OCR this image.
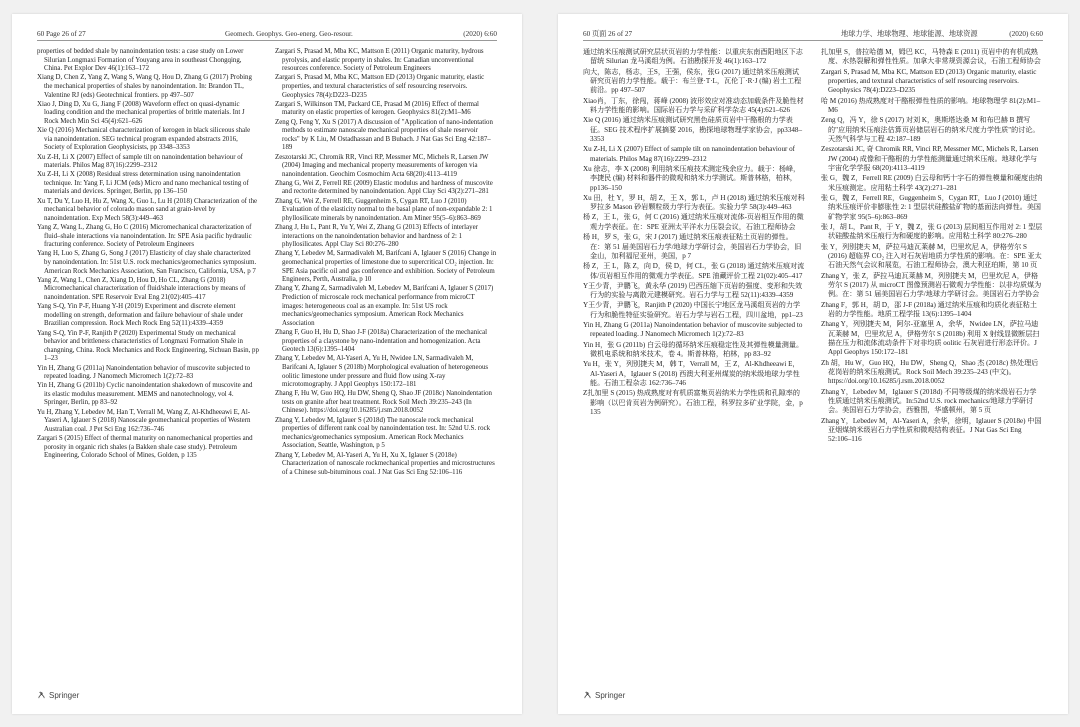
60 Page 26 of 27	Geomech. Geophys. Geo-energ. Geo-resour.	(2020) 6:60

properties of bedded shale by nanoindentation tests: a case study on Lower Silurian Longmaxi Formation of Youyang area in southeast Chongqing, China. Pet Explor Dev 46(1):163–172

Xiang D, Chen Z, Yang Z, Wang S, Wang Q, Hou D, Zhang G (2017) Probing the mechanical properties of shales by nanoindentation. In: Brandon TL, Valentine RJ (eds) Geotechnical frontiers. pp 497–507

Xiao J, Ding D, Xu G, Jiang F (2008) Waveform effect on quasi-dynamic loading condition and the mechanical properties of brittle materials. Int J Rock Mech Min Sci 45(4):621–626

Xie Q (2016) Mechanical characterization of kerogen in black siliceous shale via nanoindentation. SEG technical program expanded abstracts 2016, Society of Exploration Geophysicists, pp 3348–3353

Xu Z-H, Li X (2007) Effect of sample tilt on nanoindentation behaviour of materials. Philos Mag 87(16):2299–2312

Xu Z-H, Li X (2008) Residual stress determination using nanoindentation technique. In: Yang F, Li JCM (eds) Micro and nano mechanical testing of materials and devices. Springer, Berlin, pp 136–150

Xu T, Du Y, Luo H, Hu Z, Wang X, Guo L, Lu H (2018) Characterization of the mechanical behavior of colorado mason sand at grain-level by nanoindentation. Exp Mech 58(3):449–463

Yang Z, Wang L, Zhang G, Ho C (2016) Micromechanical characterization of fluid–shale interactions via nanoindentation. In: SPE Asia pacific hydraulic fracturing conference. Society of Petroleum Engineers

Yang H, Luo S, Zhang G, Song J (2017) Elasticity of clay shale characterized by nanoindentation. In: 51st U.S. rock mechanics/geomechanics symposium. American Rock Mechanics Association, San Francisco, California, USA, p 7

Yang Z, Wang L, Chen Z, Xiang D, Hou D, Ho CL, Zhang G (2018) Micromechanical characterization of fluid/shale interactions by means of nanoindentation. SPE Reservoir Eval Eng 21(02):405–417

Yang S-Q, Yin P-F, Huang Y-H (2019) Experiment and discrete element modelling on strength, deformation and failure behaviour of shale under Brazilian compression. Rock Mech Rock Eng 52(11):4339–4359

Yang S-Q, Yin P-F, Ranjith P (2020) Experimental Study on mechanical behavior and brittleness characteristics of Longmaxi Formation Shale in changning, China. Rock Mechanics and Rock Engineering, Sichuan Basin, pp 1–23

Yin H, Zhang G (2011a) Nanoindentation behavior of muscovite subjected to repeated loading. J Nanomech Micromech 1(2):72–83

Yin H, Zhang G (2011b) Cyclic nanoindentation shakedown of muscovite and its elastic modulus measurement. MEMS and nanotechnology, vol 4. Springer, Berlin, pp 83–92

Yu H, Zhang Y, Lebedev M, Han T, Verrall M, Wang Z, Al-Khdheeawi E, Al-Yaseri A, Iglauer S (2018) Nanoscale geomechanical properties of Western Australian coal. J Pet Sci Eng 162:736–746

Zargari S (2015) Effect of thermal maturity on nanomechanical properties and porosity in organic rich shales (a Bakken shale case study). Petroleum Engineering, Colorado School of Mines, Golden, p 135

Zargari S, Prasad M, Mba KC, Mattson E (2011) Organic maturity, hydrous pyrolysis, and elastic property in shales. In: Canadian unconventional resources conference. Society of Petroleum Engineers

Zargari S, Prasad M, Mba KC, Mattson ED (2013) Organic maturity, elastic properties, and textural characteristics of self resourcing reservoirs. Geophysics 78(4):D223–D235

Zargari S, Wilkinson TM, Packard CE, Prasad M (2016) Effect of thermal maturity on elastic properties of kerogen. Geophysics 81(2):M1–M6

Zeng Q, Feng Y, Xu S (2017) A discussion of "Application of nano-indentation methods to estimate nanoscale mechanical properties of shale reservoir rocks" by K Liu, M Ostadhassan and B Bubach. J Nat Gas Sci Eng 42:187–189

Zeszotarski JC, Chromik RR, Vinci RP, Messmer MC, Michels R, Larsen JW (2004) Imaging and mechanical property measurements of kerogen via nanoindentation. Geochim Cosmochim Acta 68(20):4113–4119

Zhang G, Wei Z, Ferrell RE (2009) Elastic modulus and hardness of muscovite and rectorite determined by nanoindentation. Appl Clay Sci 43(2):271–281

Zhang G, Wei Z, Ferrell RE, Guggenheim S, Cygan RT, Luo J (2010) Evaluation of the elasticity normal to the basal plane of non-expandable 2: 1 phyllosilicate minerals by nanoindentation. Am Miner 95(5–6):863–869

Zhang J, Hu L, Pant R, Yu Y, Wei Z, Zhang G (2013) Effects of interlayer interactions on the nanoindentation behavior and hardness of 2: 1 phyllosilicates. Appl Clay Sci 80:276–280

Zhang Y, Lebedev M, Sarmadivaleh M, Barifcani A, Iglauer S (2016) Change in geomechanical properties of limestone due to supercritical CO₂ injection. In: SPE Asia pacific oil and gas conference and exhibition. Society of Petroleum Engineers, Perth, Australia, p 10

Zhang Y, Zhang Z, Sarmadivaleh M, Lebedev M, Barifcani A, Iglauer S (2017) Prediction of microscale rock mechanical performance from microCT images: heterogeneous coal as an example. In: 51st US rock mechanics/geomechanics symposium. American Rock Mechanics Association

Zhang F, Guo H, Hu D, Shao J-F (2018a) Characterization of the mechanical properties of a claystone by nano-indentation and homogenization. Acta Geotech 13(6):1395–1404

Zhang Y, Lebedev M, Al-Yaseri A, Yu H, Nwidee LN, Sarmadivaleh M, Barifcani A, Iglauer S (2018b) Morphological evaluation of heterogeneous oolitic limestone under pressure and fluid flow using X-ray microtomography. J Appl Geophys 150:172–181

Zhang F, Hu W, Guo HQ, Hu DW, Sheng Q, Shao JF (2018c) Nanoindentation tests on granite after heat treatment. Rock Soil Mech 39:235–243 (In Chinese). https://doi.org/10.16285/j.rsm.2018.0052

Zhang Y, Lebedev M, Iglauer S (2018d) The nanoscale rock mechanical properties of different rank coal by nanoindentation test. In: 52nd U.S. rock mechanics/geomechanics symposium. American Rock Mechanics Association, Seattle, Washington, p 5

Zhang Y, Lebedev M, Al-Yaseri A, Yu H, Xu X, Iglauer S (2018e) Characterization of nanoscale rockmechanical properties and microstructures of a Chinese sub-bituminous coal. J Nat Gas Sci Eng 52:106–116

Springer
60 页面 26 of 27	地球力学、地球物理、地球能源、地球资源	(2020) 6:60

通过纳米压痕测试研究层状页岩的力学性能：以重庆东南酉阳地区下志留统 Silurian 龙马溪组为例。石油勘探开发 46(1):163–172

向大，陈志，杨志，王S，王强，侯东，张G (2017) 通过纳米压痕测试研究页岩的力学性能。载于：布兰登·T·L，瓦伦丁·R·J (编) 岩土工程前沿。pp 497–507

Xiao肖，丁东，徐闯，蒋峰 (2008) 波形效应对准动态加载条件及脆性材料力学性能的影响。国际岩石力学与采矿科学杂志 45(4):621–626

Xie Q (2016) 通过纳米压痕测试研究黑色硅质页岩中干酪根的力学表征。SEG 技术程序扩展摘要 2016，勘探地球物理学家协会，pp3348–3353

Xu Z-H, Li X (2007) Effect of sample tilt on nanoindentation behaviour of materials. Philos Mag 87(16):2299–2312

Xu 徐志，李 X (2008) 利用纳米压痕技术测定残余应力。载于：杨峰，李捷民 (编) 材料和器件的微观和纳米力学测试。斯普林格，柏林，pp136–150

Xu 田，杜 Y，罗 H，胡 Z，王 X，郭 L，卢 H (2018) 通过纳米压痕对科罗拉多 Mason 砂岩颗粒级力学行为表征。实验力学 58(3):449–463

杨 Z，王 L，张 G，何 C (2016) 通过纳米压痕对流体-页岩相互作用的微观力学表征。在：SPE 亚洲太平洋水力压裂会议，石油工程师协会

杨 H，罗 S，张 G，宋 J (2017) 通过纳米压痕表征粘土页岩的弹性。在：第 51 届美国岩石力学/地球力学研讨会，美国岩石力学协会，旧金山，加利福尼亚州，美国，p 7

杨 Z，王 L，陈 Z，向 D，侯 D，何 CL，张 G (2018) 通过纳米压痕对流体/页岩相互作用的微观力学表征。SPE 油藏评价工程 21(02):405–417

Y王少青，尹鹏飞，黄永华 (2019) 巴西压缩下页岩的强度、变形和失效行为的实验与离散元建模研究。岩石力学与工程 52(11):4339–4359

Y王少青，尹鹏飞，Ranjith P (2020) 中国长宁地区龙马溪组页岩的力学行为和脆性特征实验研究。岩石力学与岩石工程，四川盆地，pp1–23

Yin H, Zhang G (2011a) Nanoindentation behavior of muscovite subjected to repeated loading. J Nanomech Micromech 1(2):72–83

Yin H，张 G (2011b) 白云母的循环纳米压痕稳定性及其弹性模量测量。微机电系统和纳米技术，卷 4。斯普林格，柏林，pp 83–92

Yu H，张 Y，列别捷夫 M，韩 T，Verrall M，王 Z，Al-Khdheeawi E，Al-Yaseri A，Iglauer S (2018) 西澳大利亚州煤炭的纳米级地球力学性能。石油工程杂志 162:736–746

Z扎加里 S (2015) 热成熟度对有机质富集页岩纳米力学性质和孔隙率的影响（以巴肯页岩为例研究）。石油工程，科罗拉多矿业学院，金，p 135

扎加里 S，普拉哈德 M，姆巴 KC，马特森 E (2011) 页岩中的有机成熟度、水热裂解和弹性性质。加拿大非常规资源会议，石油工程师协会

Zargari S, Prasad M, Mba KC, Mattson ED (2013) Organic maturity, elastic properties, and textural characteristics of self resourcing reservoirs. Geophysics 78(4):D223–D235

哈 M (2016) 热成熟度对干酪根弹性性质的影响。地球物理学 81(2):M1–M6

Zeng Q，冯 Y，徐 S (2017) 对刘 K，奥斯塔达桑 M 和布巴赫 B 撰写的"应用纳米压痕法估算页岩储层岩石的纳米尺度力学性质"的讨论。天然气科学与工程 42:187–189

Zeszotarski JC, 奇 Chromik RR, Vinci RP, Messmer MC, Michels R, Larsen JW (2004) 成像和干酪根的力学性能测量通过纳米压痕。地球化学与宇宙化学学报 68(20):4113–4119

张 G，魏 Z，Ferrell RE (2009) 白云母和钙十字石的弹性模量和硬度由纳米压痕测定。应用粘土科学 43(2):271–281

张 G，魏 Z，Ferrell RE，Guggenheim S，Cygan RT，Luo J (2010) 通过纳米压痕评价非膨胀性 2: 1 型层状硅酸盐矿物的基面法向弹性。美国矿物学家 95(5–6):863–869

张 J，胡 L，Pant R，于 Y，魏 Z，张 G (2013) 层间相互作用对 2: 1 型层状硅酸盐纳米压痕行为和硬度的影响。应用粘土科学 80:276–280

张 Y，列别捷夫 M，萨拉马迪瓦莱赫 M，巴里坎尼 A，伊格劳尔 S (2016) 超临界 CO₂ 注入对石灰岩地质力学性质的影响。在：SPE 亚太石油天然气会议和展览，石油工程师协会，澳大利亚珀斯，第 10 页

Zhang Y，张 Z，萨拉马迪瓦莱赫 M，列别捷夫 M，巴里坎尼 A，伊格劳尔 S (2017) 从 microCT 图像预测岩石微观力学性能：以非均质煤为例。在：第 51 届美国岩石力学/地球力学研讨会。美国岩石力学协会

Zhang F，郭 H，胡 D，邵 J-F (2018a) 通过纳米压痕和均质化表征粘土岩的力学性能。地质工程学报 13(6):1395–1404

Zhang Y，列别捷夫 M，阿尔-亚塞里 A，余华，Nwidee LN，萨拉马迪瓦莱赫 M，巴里坎尼 A，伊格劳尔 S (2018b) 利用 X 射线显微断层扫描在压力和流体流动条件下对非均质 oolitic 石灰岩进行形态评价。J Appl Geophys 150:172–181

Zh 胡，Hu W，Guo HQ，Hu DW，Sheng Q，Shao 杰 (2018c) 热处理后花岗岩的纳米压痕测试。Rock Soil Mech 39:235–243 (中文)。https://doi.org/10.16285/j.rsm.2018.0052

Zhang Y，Lebedev M，Iglauer S (2018d) 不同等级煤的纳米级岩石力学性质通过纳米压痕测试。In:52nd U.S. rock mechanics/地球力学研讨会。美国岩石力学协会，西雅图，华盛顿州，第 5 页

Zhang Y，Lebedev M，Al-Yaseri A，余华，徐明，Iglauer S (2018e) 中国亚烟煤纳米级岩石力学性质和微观结构表征。J Nat Gas Sci Eng 52:106–116

Springer
